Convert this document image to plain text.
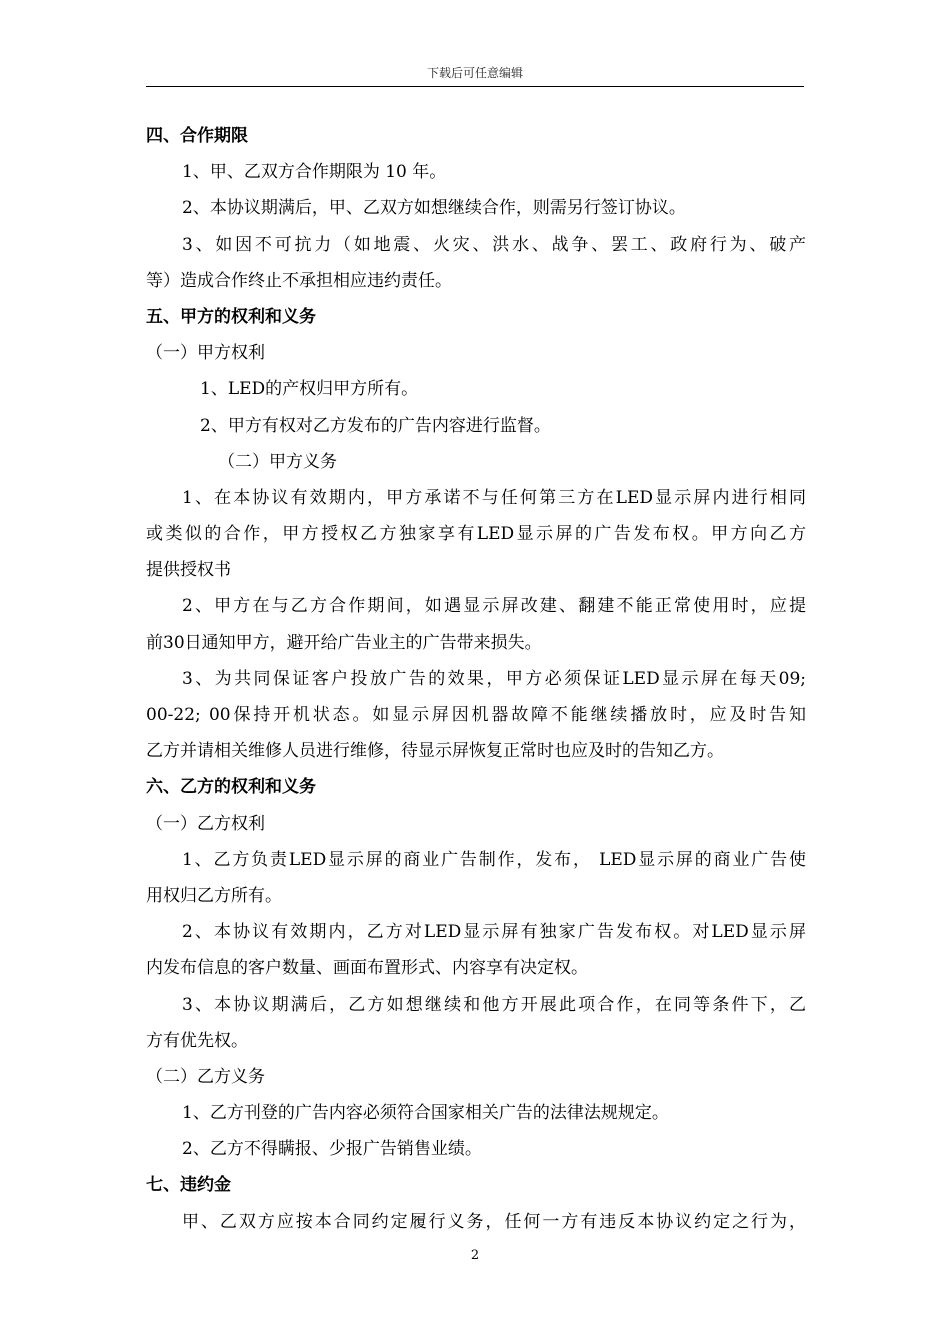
下载后可任意编辑
四、合作期限
1、甲、乙双方合作期限为 10 年。
2、本协议期满后，甲、乙双方如想继续合作，则需另行签订协议。
3、如因不可抗力（如地震、火灾、洪水、战争、罢工、政府行为、破产
等）造成合作终止不承担相应违约责任。
五、甲方的权利和义务
（一）甲方权利
1、LED的产权归甲方所有。
2、甲方有权对乙方发布的广告内容进行监督。
（二）甲方义务
1、在本协议有效期内，甲方承诺不与任何第三方在LED显示屏内进行相同
或类似的合作，甲方授权乙方独家享有LED显示屏的广告发布权。甲方向乙方
提供授权书
2、甲方在与乙方合作期间，如遇显示屏改建、翻建不能正常使用时，应提
前30日通知甲方，避开给广告业主的广告带来损失。
3、为共同保证客户投放广告的效果，甲方必须保证LED显示屏在每天09;
00-22; 00保持开机状态。如显示屏因机器故障不能继续播放时，应及时告知
乙方并请相关维修人员进行维修，待显示屏恢复正常时也应及时的告知乙方。
六、乙方的权利和义务
（一）乙方权利
1、乙方负责LED显示屏的商业广告制作，发布， LED显示屏的商业广告使
用权归乙方所有。
2、本协议有效期内，乙方对LED显示屏有独家广告发布权。对LED显示屏
内发布信息的客户数量、画面布置形式、内容享有决定权。
3、本协议期满后，乙方如想继续和他方开展此项合作，在同等条件下，乙
方有优先权。
（二）乙方义务
1、乙方刊登的广告内容必须符合国家相关广告的法律法规规定。
2、乙方不得瞒报、少报广告销售业绩。
七、违约金
甲、乙双方应按本合同约定履行义务，任何一方有违反本协议约定之行为，
2
